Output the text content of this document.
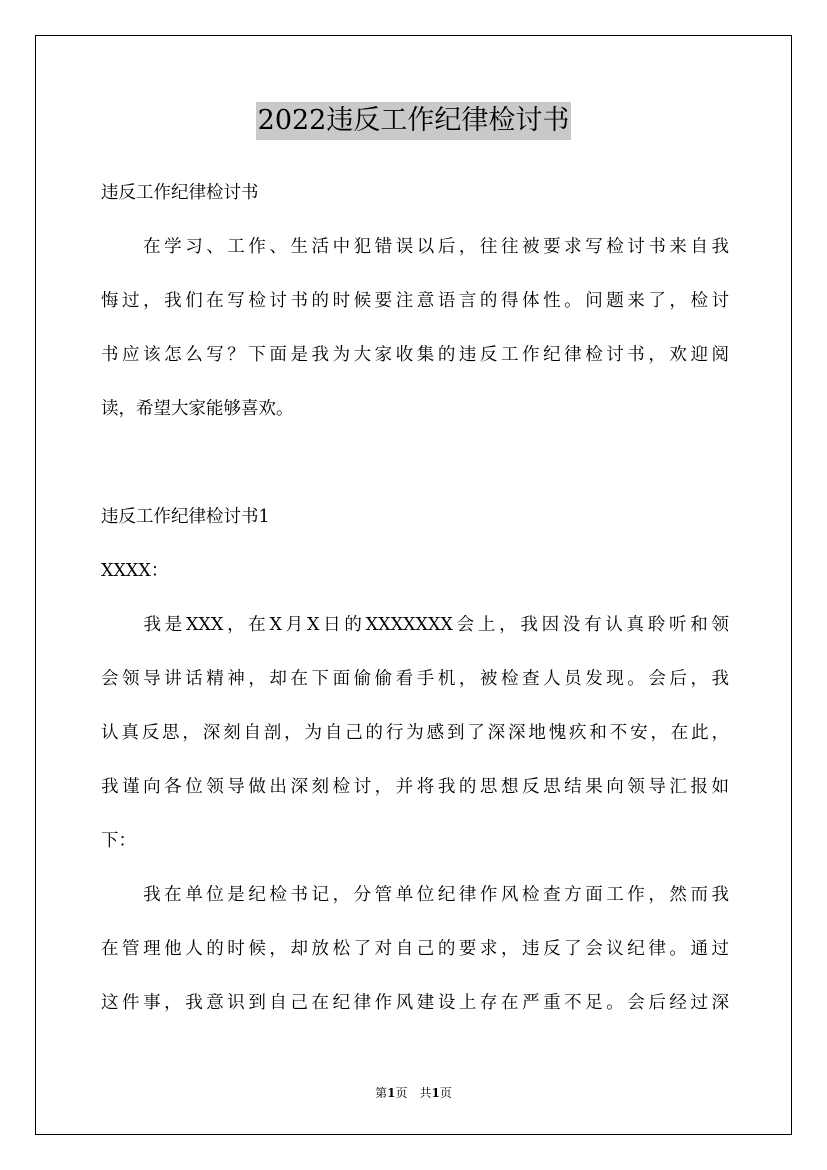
2022违反工作纪律检讨书
违反工作纪律检讨书
　　在学习、工作、生活中犯错误以后，往往被要求写检讨书来自我
悔过，我们在写检讨书的时候要注意语言的得体性。问题来了，检讨
书应该怎么写？下面是我为大家收集的违反工作纪律检讨书，欢迎阅
读，希望大家能够喜欢。
违反工作纪律检讨书1
XXXX：
　　我是XXX，在X月X日的XXXXXXX会上，我因没有认真聆听和领
会领导讲话精神，却在下面偷偷看手机，被检查人员发现。会后，我
认真反思，深刻自剖，为自己的行为感到了深深地愧疚和不安，在此，
我谨向各位领导做出深刻检讨，并将我的思想反思结果向领导汇报如
下：
　　我在单位是纪检书记，分管单位纪律作风检查方面工作，然而我
在管理他人的时候，却放松了对自己的要求，违反了会议纪律。通过
这件事，我意识到自己在纪律作风建设上存在严重不足。会后经过深
第1页　共1页
